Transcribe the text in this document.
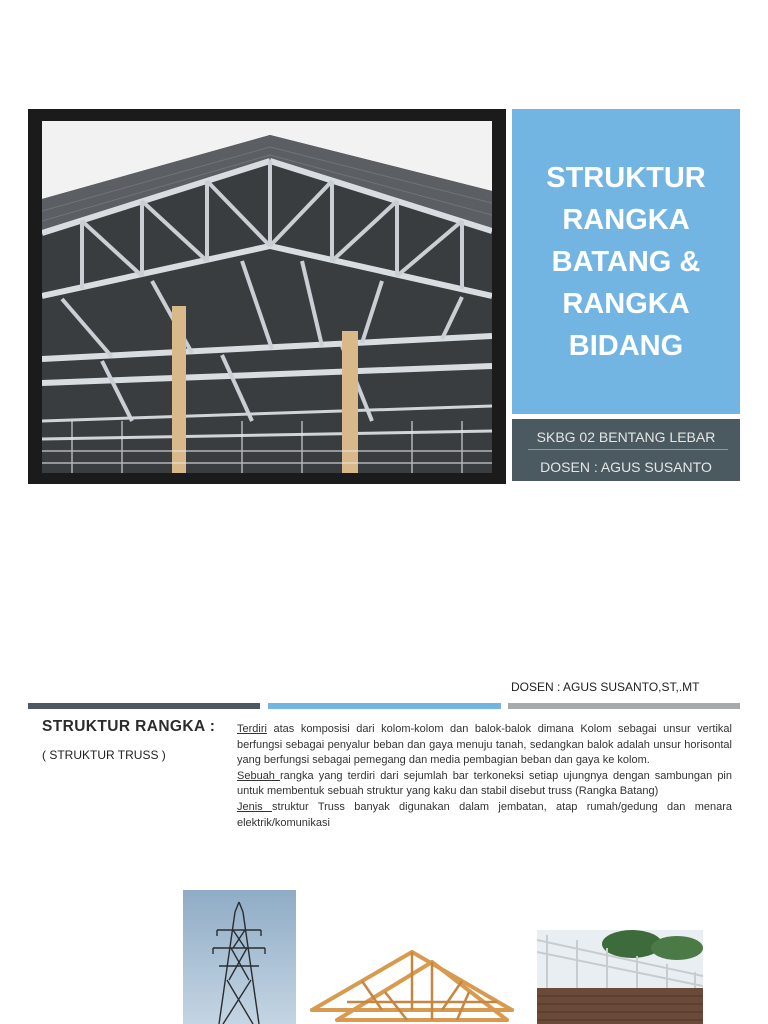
STRUKTUR
RANGKA
BATANG &
RANGKA
BIDANG
SKBG 02 BENTANG LEBAR
DOSEN : AGUS SUSANTO
DOSEN : AGUS SUSANTO,ST,.MT
STRUKTUR RANGKA :
( STRUKTUR TRUSS )

Terdiri atas komposisi dari kolom-kolom dan balok-balok dimana Kolom sebagai unsur vertikal berfungsi sebagai penyalur beban dan gaya menuju tanah, sedangkan balok adalah unsur horisontal yang berfungsi sebagai pemegang dan media pembagian beban dan gaya ke kolom.

Sebuah rangka yang terdiri dari sejumlah bar terkoneksi setiap ujungnya dengan sambungan pin untuk membentuk sebuah struktur yang kaku dan stabil disebut truss (Rangka Batang)

Jenis struktur Truss banyak digunakan dalam jembatan, atap rumah/gedung dan menara elektrik/komunikasi
